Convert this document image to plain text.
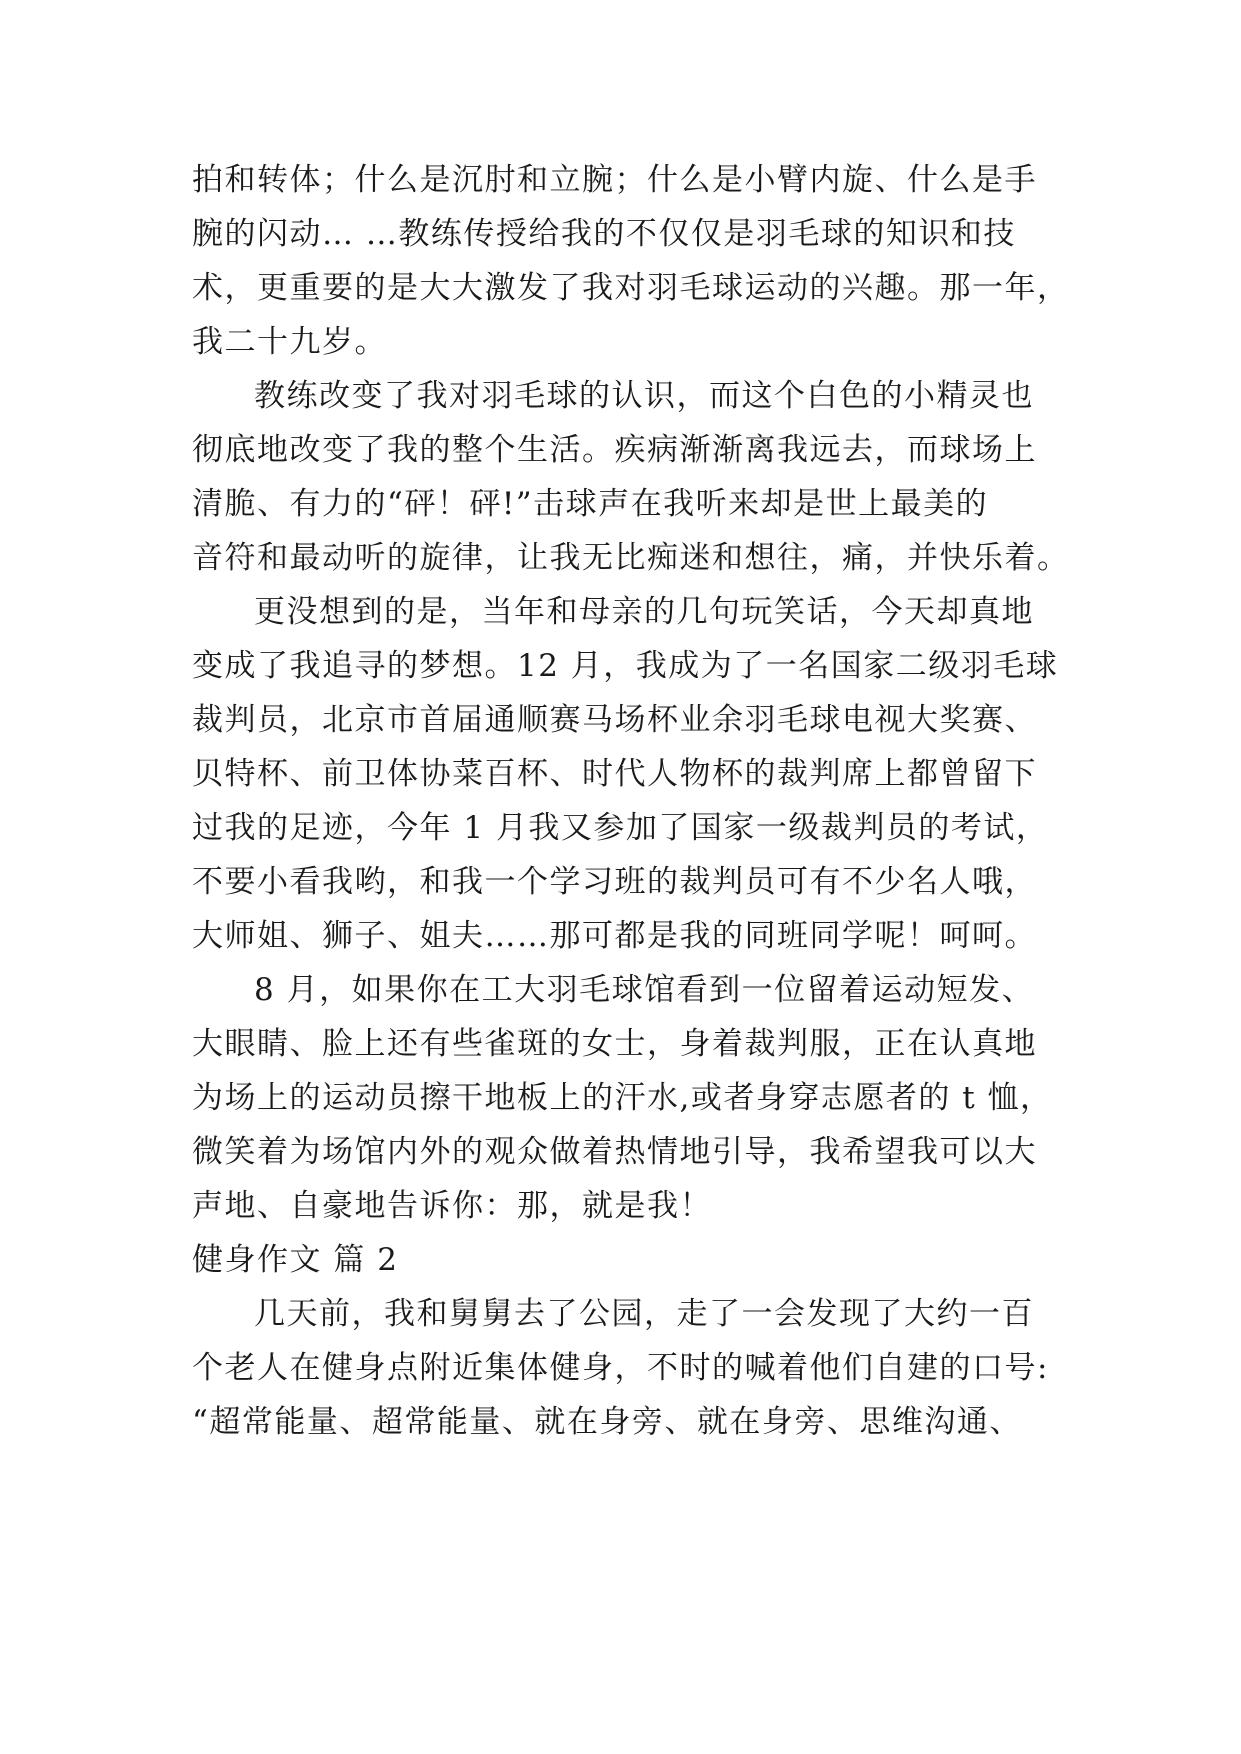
拍和转体；什么是沉肘和立腕；什么是小臂内旋、什么是手
腕的闪动… …教练传授给我的不仅仅是羽毛球的知识和技
术，更重要的是大大激发了我对羽毛球运动的兴趣。那一年，
我二十九岁。
教练改变了我对羽毛球的认识，而这个白色的小精灵也
彻底地改变了我的整个生活。疾病渐渐离我远去，而球场上
清脆、有力的“砰！砰!”击球声在我听来却是世上最美的
音符和最动听的旋律，让我无比痴迷和想往，痛，并快乐着。
更没想到的是，当年和母亲的几句玩笑话，今天却真地
变成了我追寻的梦想。12 月，我成为了一名国家二级羽毛球
裁判员，北京市首届通顺赛马场杯业余羽毛球电视大奖赛、
贝特杯、前卫体协菜百杯、时代人物杯的裁判席上都曾留下
过我的足迹，今年 1 月我又参加了国家一级裁判员的考试，
不要小看我哟，和我一个学习班的裁判员可有不少名人哦，
大师姐、狮子、姐夫……那可都是我的同班同学呢！呵呵。
8 月，如果你在工大羽毛球馆看到一位留着运动短发、
大眼睛、脸上还有些雀斑的女士，身着裁判服，正在认真地
为场上的运动员擦干地板上的汗水,或者身穿志愿者的 t 恤，
微笑着为场馆内外的观众做着热情地引导，我希望我可以大
声地、自豪地告诉你：那，就是我！
健身作文 篇 2
几天前，我和舅舅去了公园，走了一会发现了大约一百
个老人在健身点附近集体健身，不时的喊着他们自建的口号:
“超常能量、超常能量、就在身旁、就在身旁、思维沟通、
